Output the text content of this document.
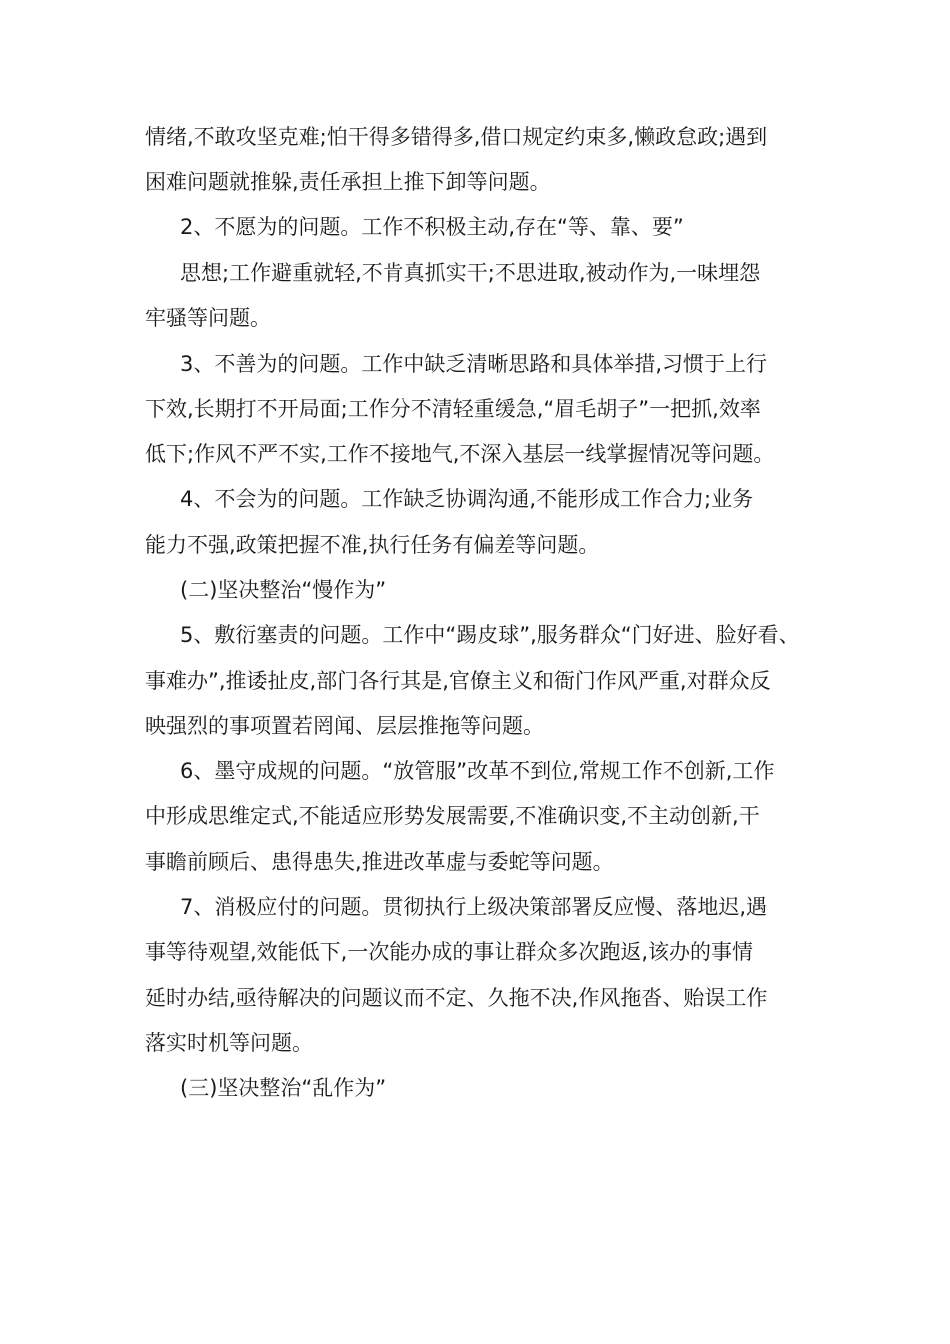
情绪,不敢攻坚克难;怕干得多错得多,借口规定约束多,懒政怠政;遇到
困难问题就推躲,责任承担上推下卸等问题。
2、不愿为的问题。工作不积极主动,存在“等、靠、要”
思想;工作避重就轻,不肯真抓实干;不思进取,被动作为,一味埋怨
牢骚等问题。
3、不善为的问题。工作中缺乏清晰思路和具体举措,习惯于上行
下效,长期打不开局面;工作分不清轻重缓急,“眉毛胡子”一把抓,效率
低下;作风不严不实,工作不接地气,不深入基层一线掌握情况等问题。
4、不会为的问题。工作缺乏协调沟通,不能形成工作合力;业务
能力不强,政策把握不准,执行任务有偏差等问题。
(二)坚决整治“慢作为”
5、敷衍塞责的问题。工作中“踢皮球”,服务群众“门好进、脸好看、
事难办”,推诿扯皮,部门各行其是,官僚主义和衙门作风严重,对群众反
映强烈的事项置若罔闻、层层推拖等问题。
6、墨守成规的问题。“放管服”改革不到位,常规工作不创新,工作
中形成思维定式,不能适应形势发展需要,不准确识变,不主动创新,干
事瞻前顾后、患得患失,推进改革虚与委蛇等问题。
7、消极应付的问题。贯彻执行上级决策部署反应慢、落地迟,遇
事等待观望,效能低下,一次能办成的事让群众多次跑返,该办的事情
延时办结,亟待解决的问题议而不定、久拖不决,作风拖沓、贻误工作
落实时机等问题。
(三)坚决整治“乱作为”
